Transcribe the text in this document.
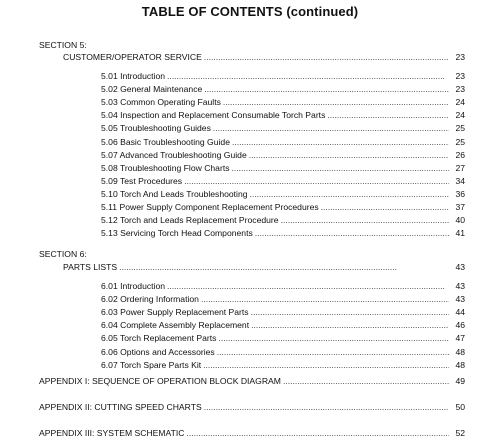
TABLE OF CONTENTS (continued)
SECTION 5:
CUSTOMER/OPERATOR SERVICE . . .	23
5.01 Introduction . . .	23
5.02 General Maintenance . . .	23
5.03 Common Operating Faults . . .	24
5.04 Inspection and Replacement Consumable Torch Parts . . .	24
5.05 Troubleshooting Guides . . .	25
5.06 Basic Troubleshooting Guide . . .	25
5.07 Advanced Troubleshooting Guide . . .	26
5.08 Troubleshooting Flow Charts . . .	27
5.09 Test Procedures . . .	34
5.10 Torch And Leads Troubleshooting . . .	36
5.11 Power Supply Component Replacement Procedures . . .	37
5.12 Torch and Leads Replacement Procedure . . .	40
5.13 Servicing Torch Head Components . . .	41
SECTION 6:
PARTS LISTS . . .	43
6.01 Introduction . . .	43
6.02 Ordering Information . . .	43
6.03 Power Supply Replacement Parts . . .	44
6.04 Complete Assembly Replacement . . .	46
6.05 Torch Replacement Parts . . .	47
6.06 Options and Accessories . . .	48
6.07 Torch Spare Parts Kit . . .	48
APPENDIX I: SEQUENCE OF OPERATION BLOCK DIAGRAM . . .	49
APPENDIX II: CUTTING SPEED CHARTS . . .	50
APPENDIX III: SYSTEM SCHEMATIC . . .	52
